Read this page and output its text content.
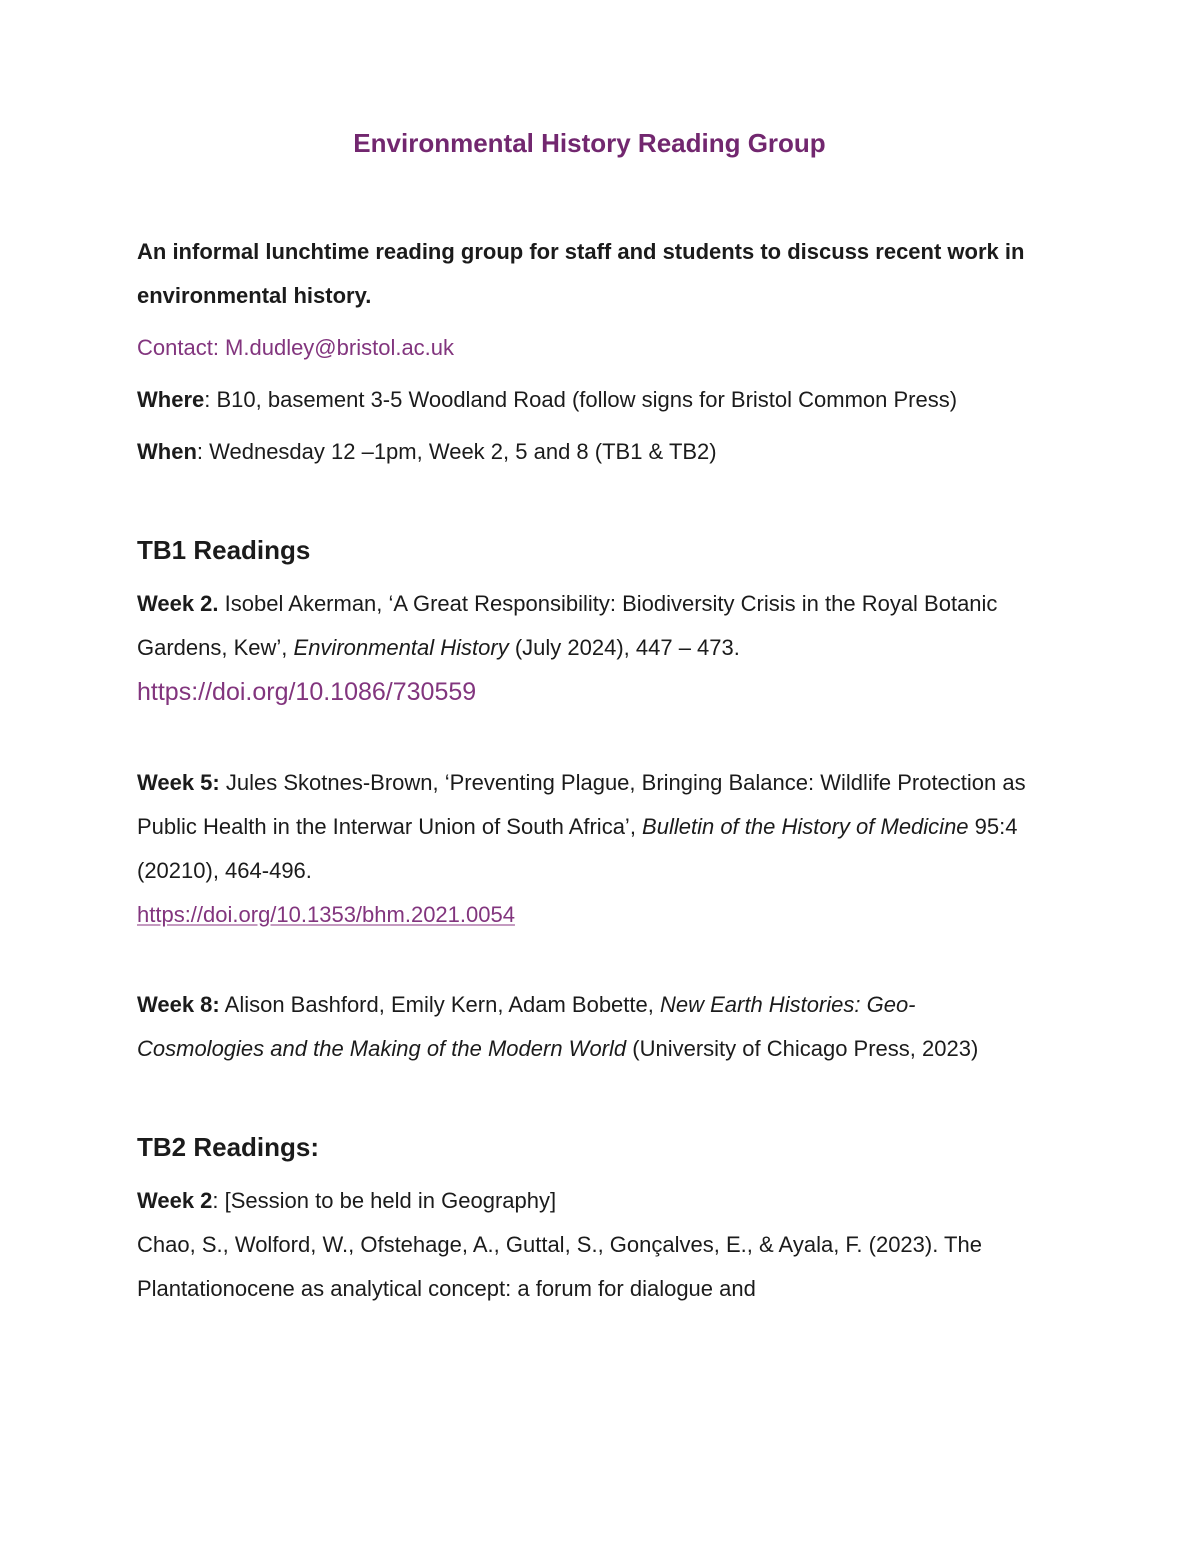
Environmental History Reading Group
An informal lunchtime reading group for staff and students to discuss recent work in environmental history.
Contact: M.dudley@bristol.ac.uk
Where: B10, basement 3-5 Woodland Road (follow signs for Bristol Common Press)
When: Wednesday 12 –1pm, Week 2, 5 and 8 (TB1 & TB2)
TB1 Readings
Week 2. Isobel Akerman, ‘A Great Responsibility: Biodiversity Crisis in the Royal Botanic Gardens, Kew’, Environmental History (July 2024), 447 – 473.
https://doi.org/10.1086/730559
Week 5: Jules Skotnes-Brown, ‘Preventing Plague, Bringing Balance: Wildlife Protection as Public Health in the Interwar Union of South Africa’, Bulletin of the History of Medicine 95:4 (20210), 464-496.
https://doi.org/10.1353/bhm.2021.0054
Week 8: Alison Bashford, Emily Kern, Adam Bobette, New Earth Histories: Geo-Cosmologies and the Making of the Modern World (University of Chicago Press, 2023)
TB2 Readings:
Week 2: [Session to be held in Geography]
Chao, S., Wolford, W., Ofstehage, A., Guttal, S., Gonçalves, E., & Ayala, F. (2023). The Plantationocene as analytical concept: a forum for dialogue and
